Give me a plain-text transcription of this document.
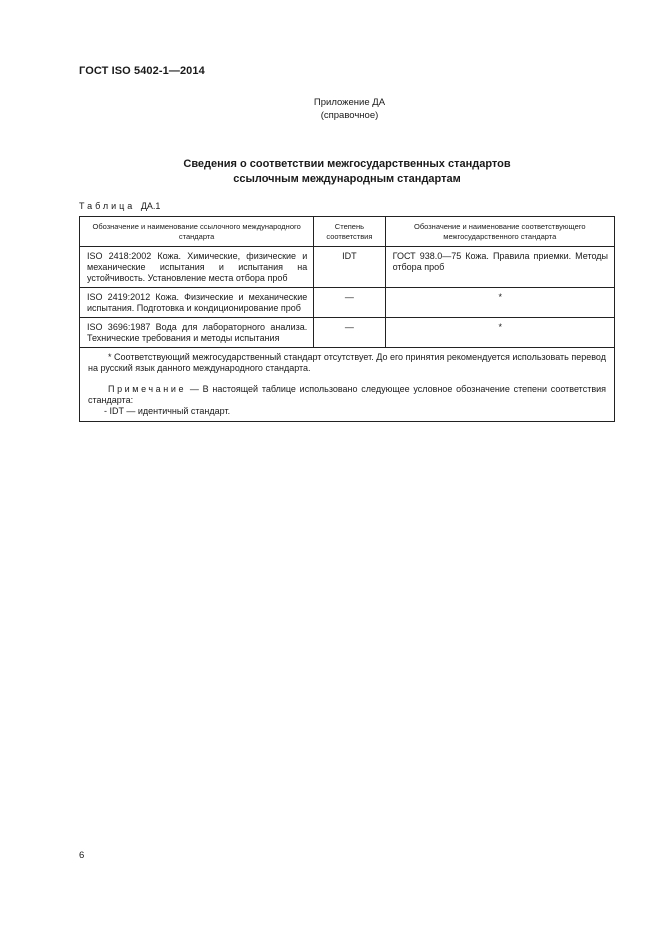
ГОСТ ISO 5402-1—2014
Приложение ДА
(справочное)
Сведения о соответствии межгосударственных стандартов
ссылочным международным стандартам
Таблица ДА.1
Обозначение и наименование ссылочного международного стандарта	Степень соответствия	Обозначение и наименование соответствующего межгосударственного стандарта
ISO 2418:2002 Кожа. Химические, физические и механические испытания и испытания на устойчивость. Установление места отбора проб	IDT	ГОСТ 938.0—75 Кожа. Правила приемки. Методы отбора проб
ISO 2419:2012 Кожа. Физические и механические испытания. Подготовка и кондиционирование проб	—	*
ISO 3696:1987 Вода для лабораторного анализа. Технические требования и методы испытания	—	*

* Соответствующий межгосударственный стандарт отсутствует. До его принятия рекомендуется использовать перевод на русский язык данного международного стандарта.

Примечание — В настоящей таблице использовано следующее условное обозначение степени соответствия стандарта:

- IDT — идентичный стандарт.		

6
